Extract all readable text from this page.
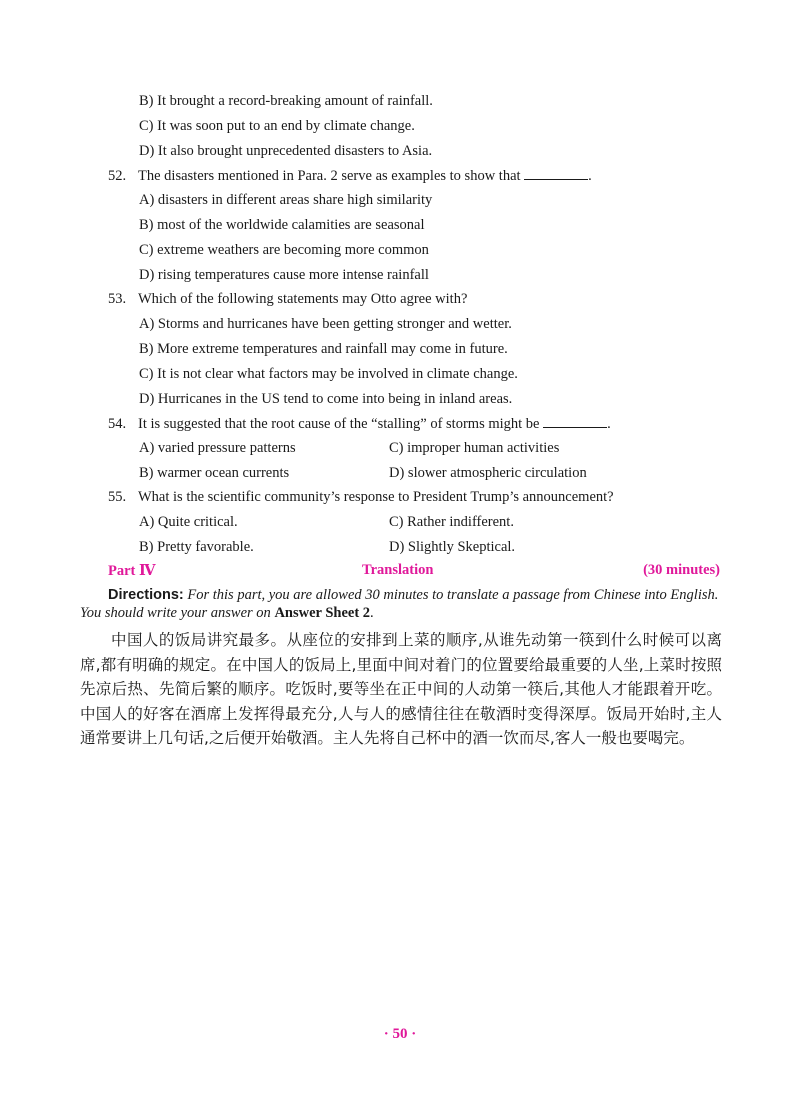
B) It brought a record-breaking amount of rainfall.
C) It was soon put to an end by climate change.
D) It also brought unprecedented disasters to Asia.
52. The disasters mentioned in Para. 2 serve as examples to show that	.
A) disasters in different areas share high similarity
B) most of the worldwide calamities are seasonal
C) extreme weathers are becoming more common
D) rising temperatures cause more intense rainfall
53. Which of the following statements may Otto agree with?
A) Storms and hurricanes have been getting stronger and wetter.
B) More extreme temperatures and rainfall may come in future.
C) It is not clear what factors may be involved in climate change.
D) Hurricanes in the US tend to come into being in inland areas.
54. It is suggested that the root cause of the “stalling” of storms might be	.
A) varied pressure patterns	C) improper human activities
B) warmer ocean currents	D) slower atmospheric circulation
55. What is the scientific community’s response to President Trump’s announcement?
A) Quite critical.	C) Rather indifferent.
B) Pretty favorable.	D) Slightly Skeptical.
Part Ⅳ	Translation	(30 minutes)
Directions: For this part, you are allowed 30 minutes to translate a passage from Chinese into English. You should write your answer on Answer Sheet 2.

中国人的饭局讲究最多。从座位的安排到上菜的顺序,从谁先动第一筷到什么时候可以离席,都有明确的规定。在中国人的饭局上,里面中间对着门的位置要给最重要的人坐,上菜时按照先凉后热、先简后繁的顺序。吃饭时,要等坐在正中间的人动第一筷后,其他人才能跟着开吃。中国人的好客在酒席上发挥得最充分,人与人的感情往往在敬酒时变得深厚。饭局开始时,主人通常要讲上几句话,之后便开始敬酒。主人先将自己杯中的酒一饮而尽,客人一般也要喝完。

· 50 ·
